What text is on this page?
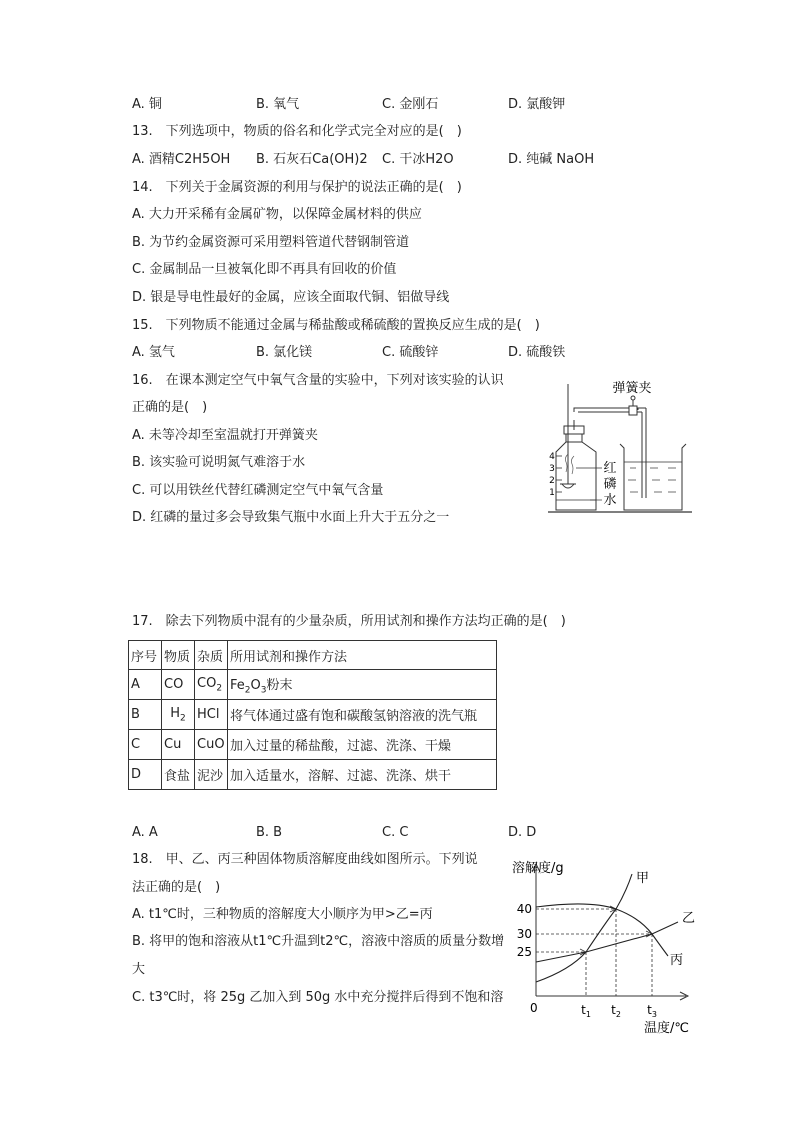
A. 铜	B. 氧气	C. 金刚石	D. 氯酸钾
13.　下列选项中，物质的俗名和化学式完全对应的是(　)
A. 酒精C2H5OH B. 石灰石Ca(OH)2 C. 干冰H2O	D. 纯碱 NaOH
14.　下列关于金属资源的利用与保护的说法正确的是(　)
A. 大力开采稀有金属矿物，以保障金属材料的供应
B. 为节约金属资源可采用塑料管道代替钢制管道
C. 金属制品一旦被氧化即不再具有回收的价值
D. 银是导电性最好的金属，应该全面取代铜、铝做导线
15.　下列物质不能通过金属与稀盐酸或稀硫酸的置换反应生成的是(　)
A. 氢气	B. 氯化镁	C. 硫酸锌	D. 硫酸铁
16.　在课本测定空气中氧气含量的实验中，下列对该实验的认识
正确的是(　)
A. 未等冷却至室温就打开弹簧夹
B. 该实验可说明氮气难溶于水
C. 可以用铁丝代替红磷测定空气中氧气含量
D. 红磷的量过多会导致集气瓶中水面上升大于五分之一
4
3
2
1
弹簧夹
红
磷
水
17.　除去下列物质中混有的少量杂质，所用试剂和操作方法均正确的是(　)
序号	物质	杂质	所用试剂和操作方法
A	CO	$CO_2$	$Fe_2O_3$粉末
B	$H_2$	HCl	将气体通过盛有饱和碳酸氢钠溶液的洗气瓶
C	Cu	CuO	加入过量的稀盐酸，过滤、洗涤、干燥
D	食盐	泥沙	加入适量水，溶解、过滤、洗涤、烘干
A. A	B. B	C. C	D. D
18.　甲、乙、丙三种固体物质溶解度曲线如图所示。下列说
法正确的是(　)
A. t1℃时，三种物质的溶解度大小顺序为甲>乙=丙
B. 将甲的饱和溶液从t1℃升温到t2℃，溶液中溶质的质量分数增
大
C. t3℃时，将 25g 乙加入到 50g 水中充分搅拌后得到不饱和溶
溶解度/g
温度/℃
0
25
30
40
$t_1$ $t_2$ $t_3$
甲
乙
丙
